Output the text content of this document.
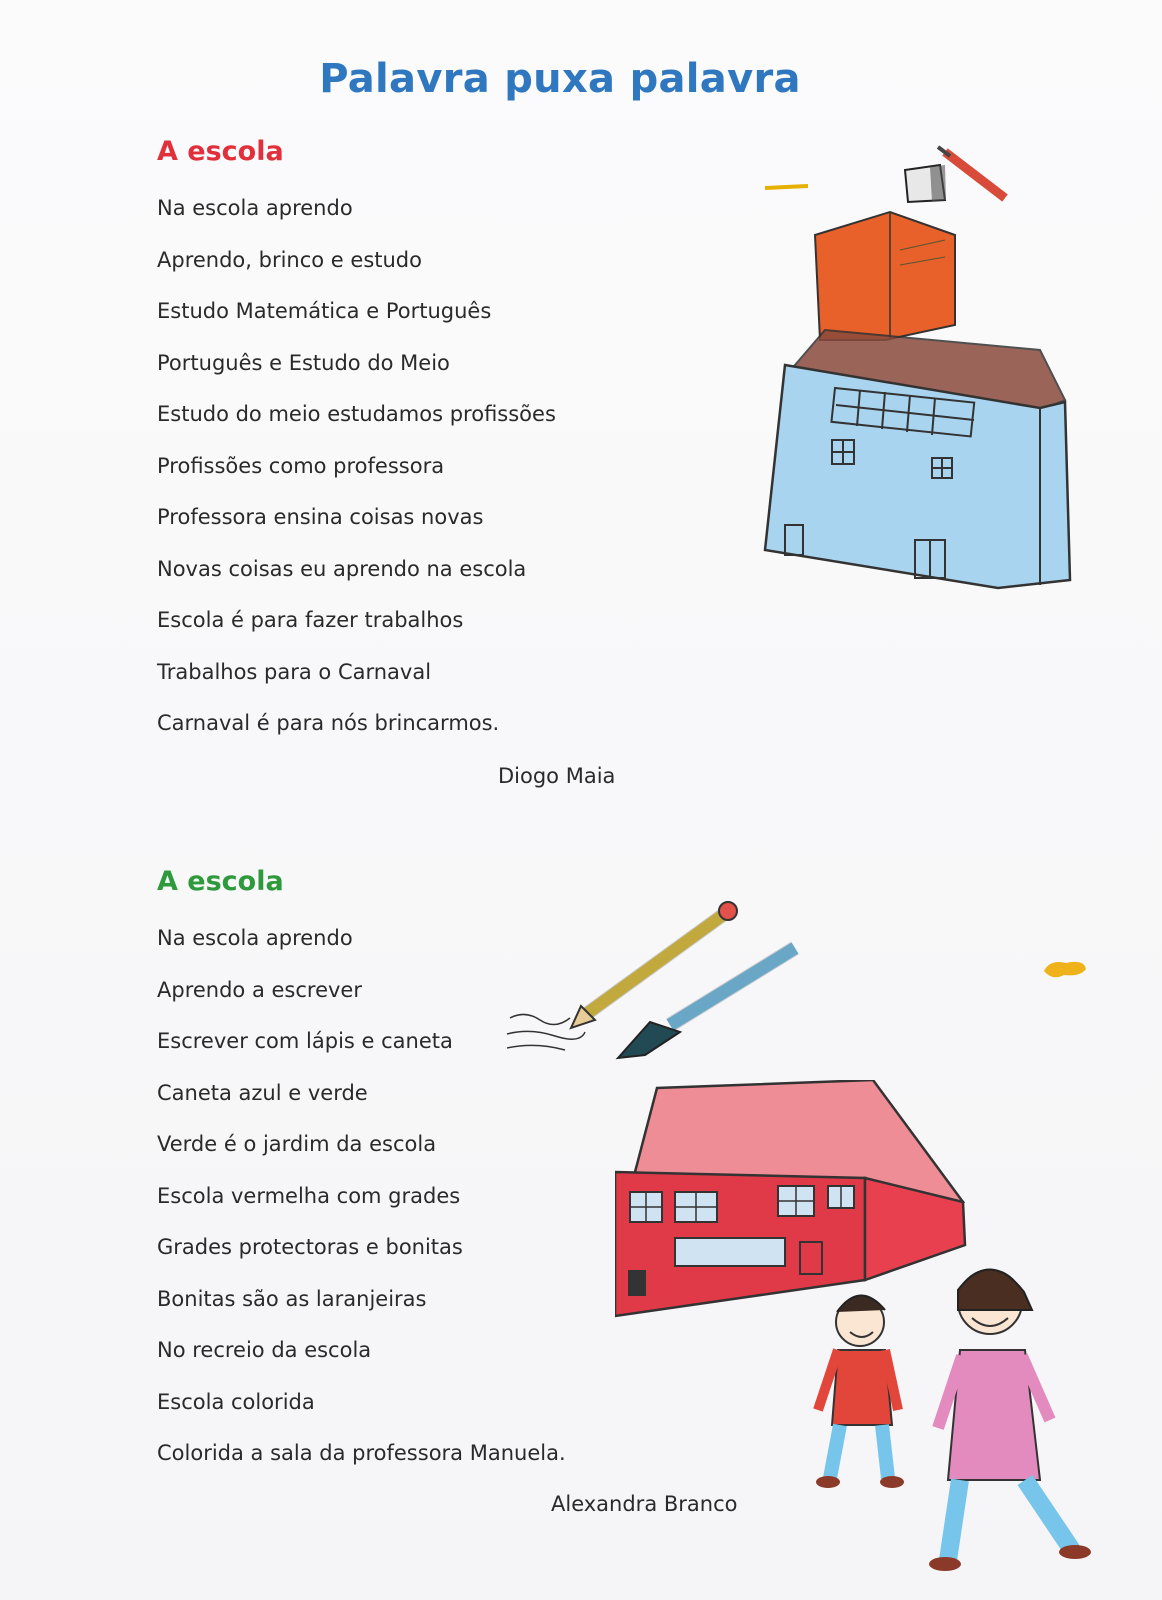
Palavra puxa palavra
A escola
Na escola aprendo
Aprendo, brinco e estudo
Estudo Matemática e Português
Português e Estudo do Meio
Estudo do meio estudamos profissões
Profissões como professora
Professora ensina coisas novas
Novas coisas eu aprendo na escola
Escola é para fazer trabalhos
Trabalhos para o Carnaval
Carnaval é para nós brincarmos.
Diogo Maia
A escola
Na escola aprendo
Aprendo a escrever
Escrever com lápis e caneta
Caneta azul e verde
Verde é o jardim da escola
Escola vermelha com grades
Grades protectoras e bonitas
Bonitas são as laranjeiras
No recreio da escola
Escola colorida
Colorida a sala da professora Manuela.
Alexandra Branco
